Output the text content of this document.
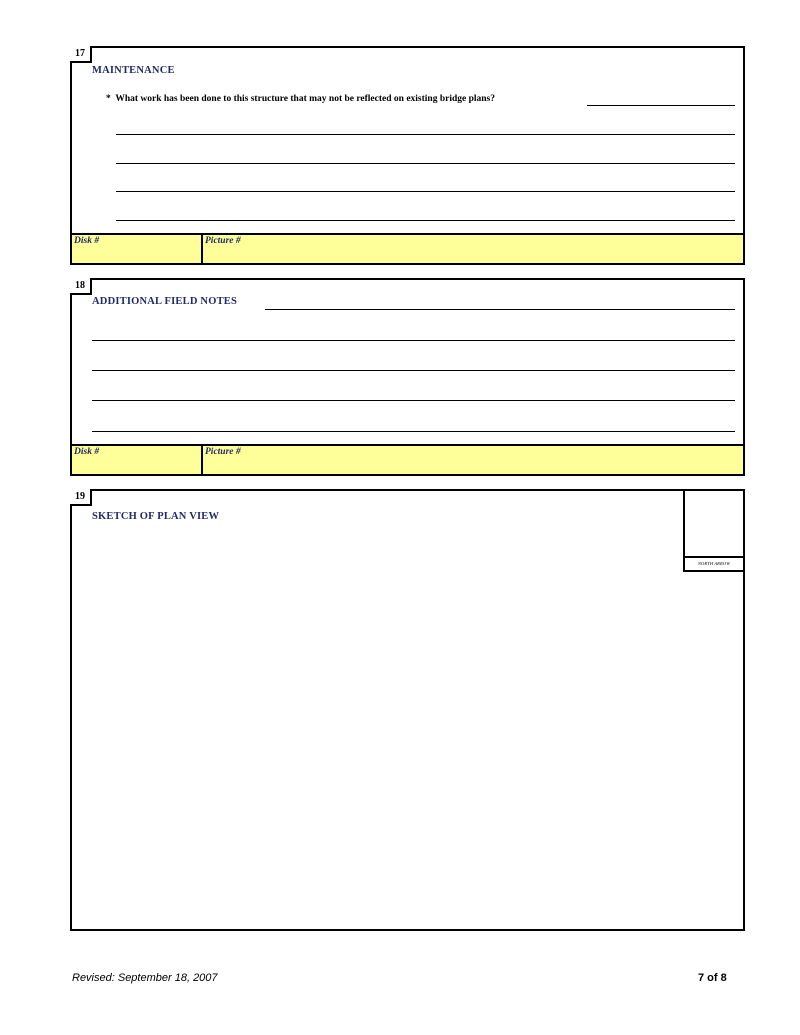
17
MAINTENANCE
* What work has been done to this structure that may not be reflected on existing bridge plans?
Disk #	Picture #
18
ADDITIONAL FIELD NOTES
Disk #	Picture #
19
SKETCH OF PLAN VIEW
NORTH ARROW
Revised: September 18, 2007	7 of 8
